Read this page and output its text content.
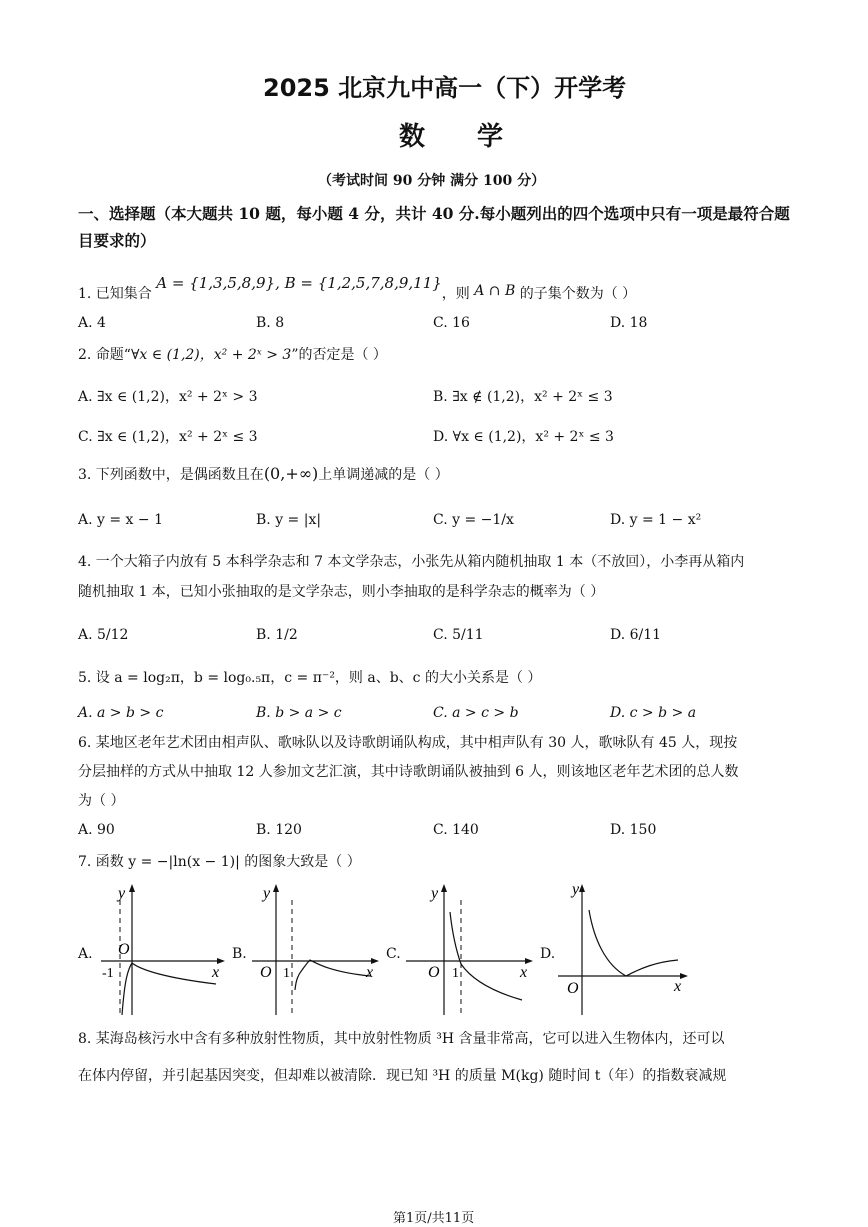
2025 北京九中高一（下）开学考
数学
（考试时间 90 分钟 满分 100 分）
一、选择题（本大题共 10 题，每小题 4 分，共计 40 分.每小题列出的四个选项中只有一项是最符合题目要求的）
1. 已知集合 A = {1,3,5,8,9}, B = {1,2,5,7,8,9,11}，则 A ∩ B 的子集个数为（ ）
A. 4	B. 8	C. 16	D. 18
2. 命题“∀x ∈ (1,2)，x² + 2ˣ > 3”的否定是（ ）
A. ∃x ∈ (1,2)，x² + 2ˣ > 3	B. ∃x ∉ (1,2)，x² + 2ˣ ≤ 3
C. ∃x ∈ (1,2)，x² + 2ˣ ≤ 3	D. ∀x ∈ (1,2)，x² + 2ˣ ≤ 3
3. 下列函数中，是偶函数且在(0,+∞)上单调递减的是（ ）
A. y = x − 1	B. y = |x|	C. y = −1/x	D. y = 1 − x²
4. 一个大箱子内放有 5 本科学杂志和 7 本文学杂志，小张先从箱内随机抽取 1 本（不放回），小李再从箱内
随机抽取 1 本，已知小张抽取的是文学杂志，则小李抽取的是科学杂志的概率为（ ）
A. 5/12	B. 1/2	C. 5/11	D. 6/11
5. 设 a = log₂π，b = log₀.₅π，c = π⁻²，则 a、b、c 的大小关系是（ ）
A. a > b > c	B. b > a > c	C. a > c > b	D. c > b > a
6. 某地区老年艺术团由相声队、歌咏队以及诗歌朗诵队构成，其中相声队有 30 人，歌咏队有 45 人，现按
分层抽样的方式从中抽取 12 人参加文艺汇演，其中诗歌朗诵队被抽到 6 人，则该地区老年艺术团的总人数
为（ ）
A. 90	B. 120	C. 140	D. 150
7. 函数 y = −|ln(x − 1)| 的图象大致是（ ）
A.	B.	C.	D.
y
O
-1	x
y
O 1	x
y
O 1	x
y
O	x
8. 某海岛核污水中含有多种放射性物质，其中放射性物质 ³H 含量非常高，它可以进入生物体内，还可以
在体内停留，并引起基因突变，但却难以被清除．现已知 ³H 的质量 M(kg) 随时间 t（年）的指数衰减规
第1页/共11页
